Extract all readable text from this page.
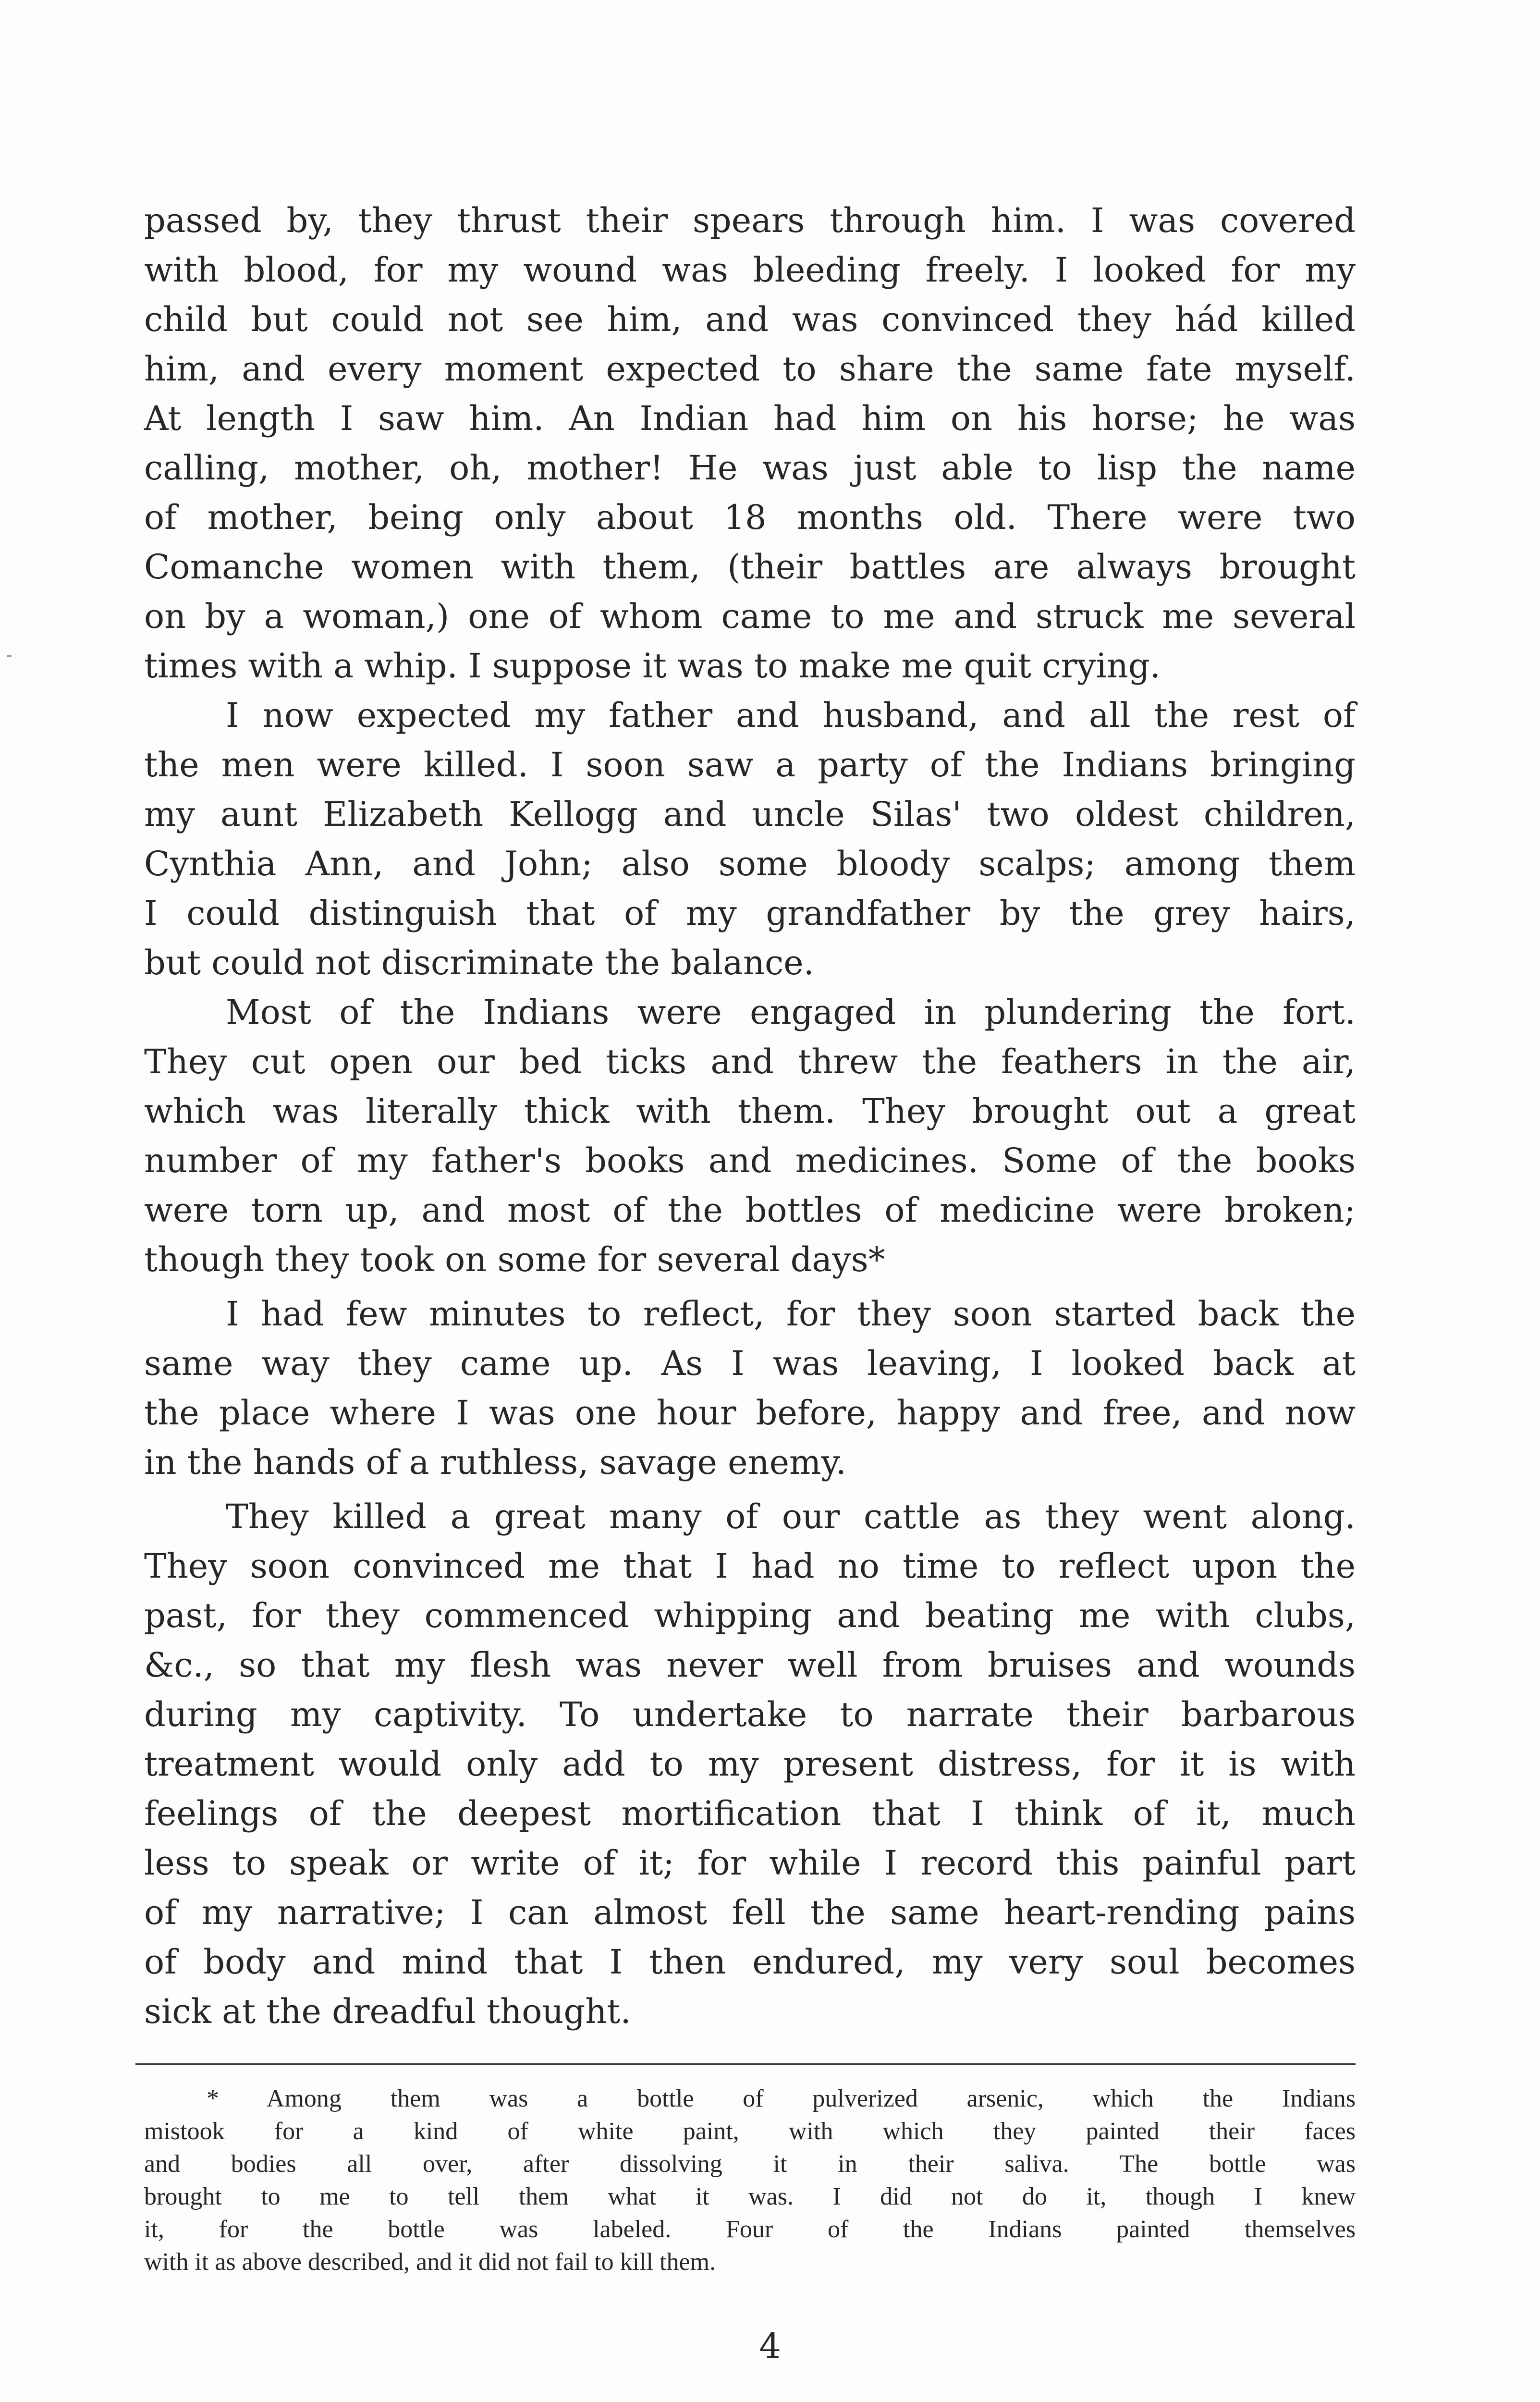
passed by, they thrust their spears through him. I was covered
with blood, for my wound was bleeding freely. I looked for my
child but could not see him, and was convinced they hád killed
him, and every moment expected to share the same fate myself.
At length I saw him. An Indian had him on his horse; he was
calling, mother, oh, mother! He was just able to lisp the name
of mother, being only about 18 months old. There were two
Comanche women with them, (their battles are always brought
on by a woman,) one of whom came to me and struck me several
times with a whip. I suppose it was to make me quit crying.
I now expected my father and husband, and all the rest of
the men were killed. I soon saw a party of the Indians bringing
my aunt Elizabeth Kellogg and uncle Silas' two oldest children,
Cynthia Ann, and John; also some bloody scalps; among them
I could distinguish that of my grandfather by the grey hairs,
but could not discriminate the balance.
Most of the Indians were engaged in plundering the fort.
They cut open our bed ticks and threw the feathers in the air,
which was literally thick with them. They brought out a great
number of my father's books and medicines. Some of the books
were torn up, and most of the bottles of medicine were broken;
though they took on some for several days*
I had few minutes to reflect, for they soon started back the
same way they came up. As I was leaving, I looked back at
the place where I was one hour before, happy and free, and now
in the hands of a ruthless, savage enemy.
They killed a great many of our cattle as they went along.
They soon convinced me that I had no time to reflect upon the
past, for they commenced whipping and beating me with clubs,
&c., so that my flesh was never well from bruises and wounds
during my captivity. To undertake to narrate their barbarous
treatment would only add to my present distress, for it is with
feelings of the deepest mortification that I think of it, much
less to speak or write of it; for while I record this painful part
of my narrative; I can almost fell the same heart-rending pains
of body and mind that I then endured, my very soul becomes
sick at the dreadful thought.
* Among them was a bottle of pulverized arsenic, which the Indians
mistook for a kind of white paint, with which they painted their faces
and bodies all over, after dissolving it in their saliva. The bottle was
brought to me to tell them what it was. I did not do it, though I knew
it, for the bottle was labeled. Four of the Indians painted themselves
with it as above described, and it did not fail to kill them.
4
